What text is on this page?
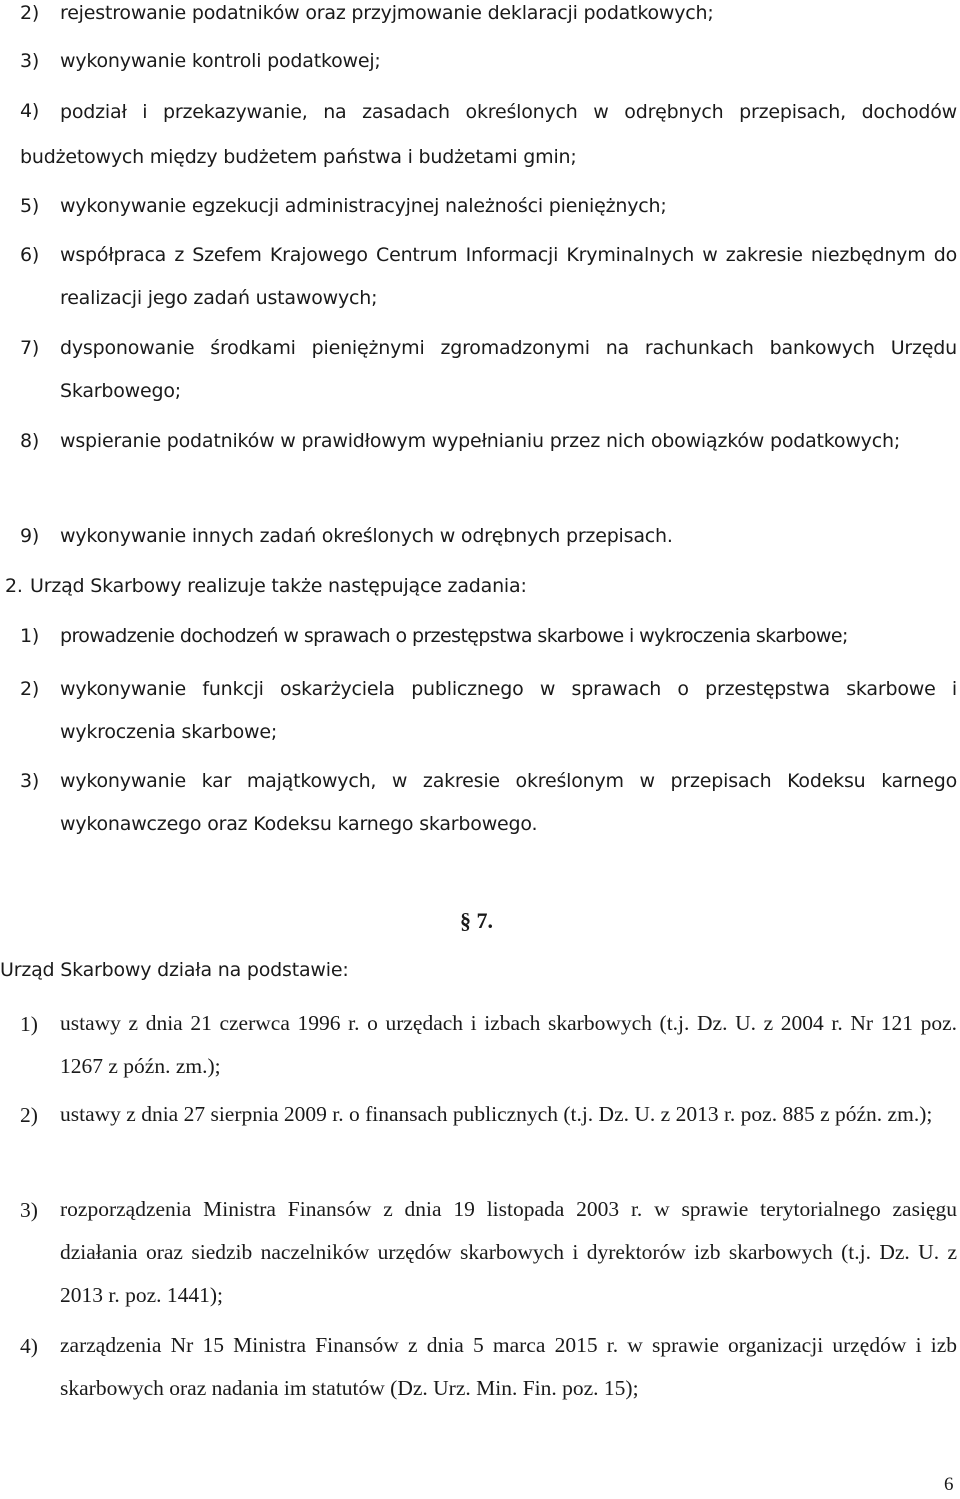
2) rejestrowanie podatników oraz przyjmowanie deklaracji podatkowych;
3) wykonywanie kontroli podatkowej;
4)	podział i przekazywanie, na zasadach określonych w odrębnych przepisach, dochodów budżetowych między budżetem państwa i budżetami gmin;
5) wykonywanie egzekucji administracyjnej należności pieniężnych;
6) współpraca z Szefem Krajowego Centrum Informacji Kryminalnych w zakresie niezbędnym do realizacji jego zadań ustawowych;
7) dysponowanie środkami pieniężnymi zgromadzonymi na rachunkach bankowych Urzędu Skarbowego;
8) wspieranie podatników w prawidłowym wypełnianiu przez nich obowiązków podatkowych;
9) wykonywanie innych zadań określonych w odrębnych przepisach.
2. Urząd Skarbowy realizuje także następujące zadania:
1) prowadzenie dochodzeń w sprawach o przestępstwa skarbowe i wykroczenia skarbowe;
2) wykonywanie funkcji oskarżyciela publicznego w sprawach o przestępstwa skarbowe i wykroczenia skarbowe;
3) wykonywanie kar majątkowych, w zakresie określonym w przepisach Kodeksu karnego wykonawczego oraz Kodeksu karnego skarbowego.
§ 7.
Urząd Skarbowy działa na podstawie:
1) ustawy z dnia 21 czerwca 1996 r. o urzędach i izbach skarbowych (t.j. Dz. U. z 2004 r. Nr 121 poz. 1267 z późn. zm.);
2) ustawy z dnia 27 sierpnia 2009 r. o finansach publicznych (t.j. Dz. U. z 2013 r. poz. 885 z późn. zm.);
3) rozporządzenia Ministra Finansów z dnia 19 listopada 2003 r. w sprawie terytorialnego zasięgu działania oraz siedzib naczelników urzędów skarbowych i dyrektorów izb skarbowych (t.j. Dz. U. z 2013 r. poz. 1441);
4) zarządzenia Nr 15 Ministra Finansów z dnia 5 marca 2015 r. w sprawie organizacji urzędów i izb skarbowych oraz nadania im statutów (Dz. Urz. Min. Fin. poz. 15);
6
